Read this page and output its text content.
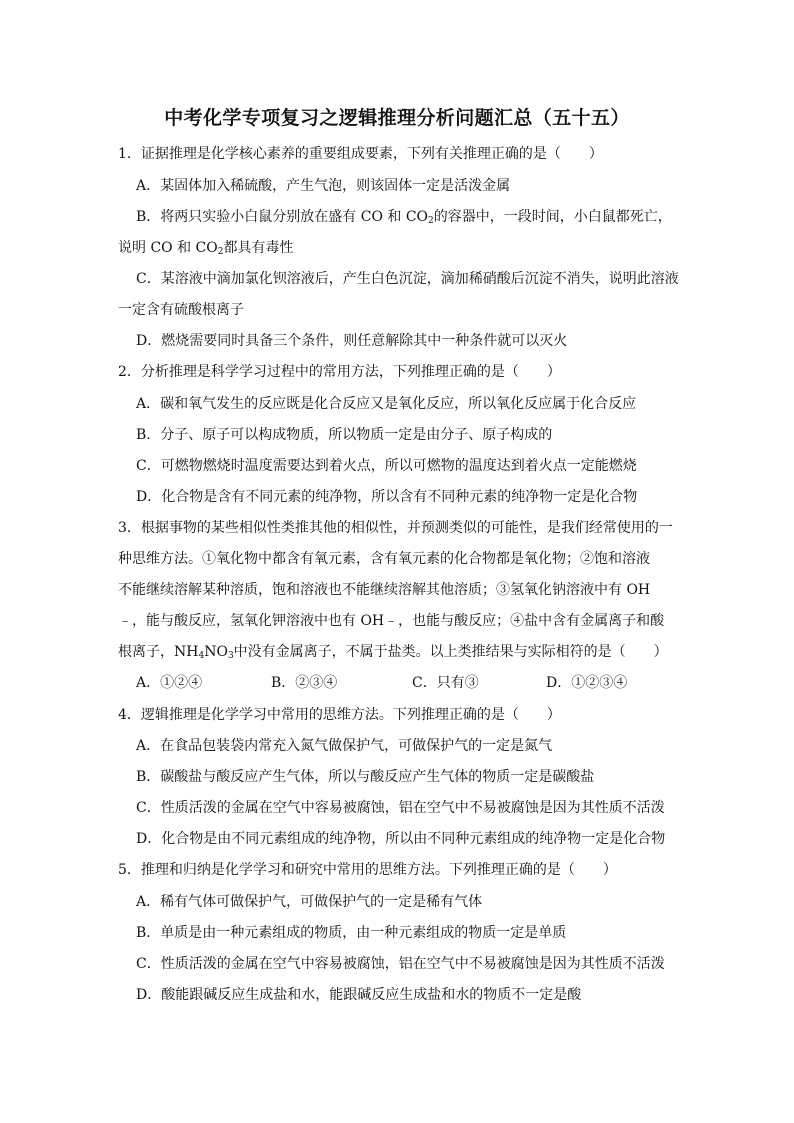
中考化学专项复习之逻辑推理分析问题汇总（五十五）
1．证据推理是化学核心素养的重要组成要素，下列有关推理正确的是（　　）
A．某固体加入稀硫酸，产生气泡，则该固体一定是活泼金属
B．将两只实验小白鼠分别放在盛有 CO 和 $CO_2$的容器中，一段时间，小白鼠都死亡，
说明 CO 和 $CO_2$都具有毒性
C．某溶液中滴加氯化钡溶液后，产生白色沉淀，滴加稀硝酸后沉淀不消失，说明此溶液
一定含有硫酸根离子
D．燃烧需要同时具备三个条件，则任意解除其中一种条件就可以灭火
2．分析推理是科学学习过程中的常用方法，下列推理正确的是（　　）
A．碳和氧气发生的反应既是化合反应又是氧化反应，所以氧化反应属于化合反应
B．分子、原子可以构成物质，所以物质一定是由分子、原子构成的
C．可燃物燃烧时温度需要达到着火点，所以可燃物的温度达到着火点一定能燃烧
D．化合物是含有不同元素的纯净物，所以含有不同种元素的纯净物一定是化合物
3．根据事物的某些相似性类推其他的相似性，并预测类似的可能性，是我们经常使用的一
种思维方法。①氧化物中都含有氧元素，含有氧元素的化合物都是氧化物；②饱和溶液
不能继续溶解某种溶质，饱和溶液也不能继续溶解其他溶质；③氢氧化钠溶液中有 OH
﹣，能与酸反应，氢氧化钾溶液中也有 OH﹣，也能与酸反应；④盐中含有金属离子和酸
根离子，$NH_4NO_3$中没有金属离子，不属于盐类。以上类推结果与实际相符的是（　　）
A．①②④	B．②③④	C．只有③	D．①②③④
4．逻辑推理是化学学习中常用的思维方法。下列推理正确的是（　　）
A．在食品包装袋内常充入氮气做保护气，可做保护气的一定是氮气
B．碳酸盐与酸反应产生气体，所以与酸反应产生气体的物质一定是碳酸盐
C．性质活泼的金属在空气中容易被腐蚀，铝在空气中不易被腐蚀是因为其性质不活泼
D．化合物是由不同元素组成的纯净物，所以由不同种元素组成的纯净物一定是化合物
5．推理和归纳是化学学习和研究中常用的思维方法。下列推理正确的是（　　）
A．稀有气体可做保护气，可做保护气的一定是稀有气体
B．单质是由一种元素组成的物质，由一种元素组成的物质一定是单质
C．性质活泼的金属在空气中容易被腐蚀，铝在空气中不易被腐蚀是因为其性质不活泼
D．酸能跟碱反应生成盐和水，能跟碱反应生成盐和水的物质不一定是酸
